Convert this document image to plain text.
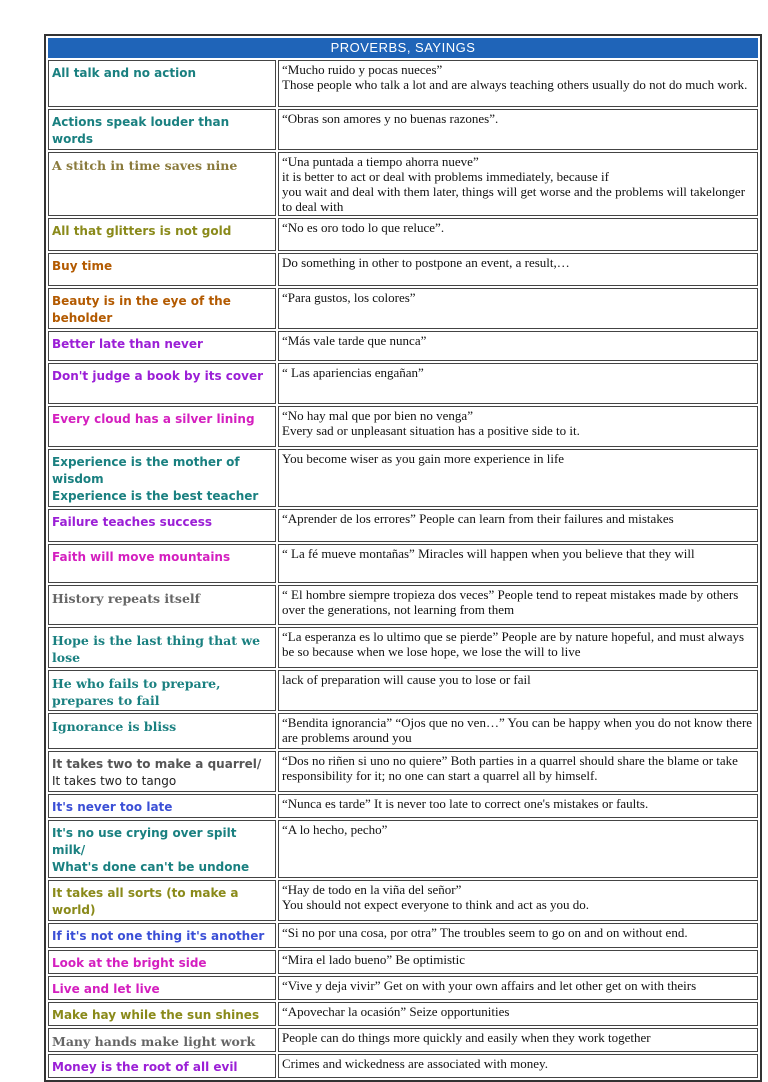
PROVERBS, SAYINGS
All talk and no action	“Mucho ruido y pocas nueces”
Those people who talk a lot and are always teaching others usually do not do much work.
Actions speak louder than words	“Obras son amores y no buenas razones”.
A stitch in time saves nine	“Una puntada a tiempo ahorra nueve”
it is better to act or deal with problems immediately, because if
you wait and deal with them later, things will get worse and the problems will takelonger to deal with
All that glitters is not gold	“No es oro todo lo que reluce”.
Buy time	Do something in other to postpone an event, a result,…
Beauty is in the eye of the beholder	“Para gustos, los colores”
Better late than never	“Más vale tarde que nunca”
Don't judge a book by its cover	“ Las apariencias engañan”
Every cloud has a silver lining	“No hay mal que por bien no venga”
Every sad or unpleasant situation has a positive side to it.
Experience is the mother of wisdom
Experience is the best teacher	You become wiser as you gain more experience in life
Failure teaches success	“Aprender de los errores” People can learn from their failures and mistakes
Faith will move mountains	“ La fé mueve montañas” Miracles will happen when you believe that they will
History repeats itself	“ El hombre siempre tropieza dos veces” People tend to repeat mistakes made by others over the generations, not learning from them
Hope is the last thing that we lose	“La esperanza es lo ultimo que se pierde” People are by nature hopeful, and must always be so because when we lose hope, we lose the will to live
He who fails to prepare, prepares to fail	lack of preparation will cause you to lose or fail
Ignorance is bliss	“Bendita ignorancia” “Ojos que no ven…” You can be happy when you do not know there are problems around you
It takes two to make a quarrel/
It takes two to tango	“Dos no riñen si uno no quiere” Both parties in a quarrel should share the blame or take responsibility for it; no one can start a quarrel all by himself.
It's never too late	“Nunca es tarde” It is never too late to correct one's mistakes or faults.
It's no use crying over spilt milk/
What's done can't be undone	“A lo hecho, pecho”
It takes all sorts (to make a world)	“Hay de todo en la viña del señor”
You should not expect everyone to think and act as you do.
If it's not one thing it's another	“Si no por una cosa, por otra” The troubles seem to go on and on without end.
Look at the bright side	“Mira el lado bueno” Be optimistic
Live and let live	“Vive y deja vivir” Get on with your own affairs and let other get on with theirs
Make hay while the sun shines	“Apovechar la ocasión” Seize opportunities
Many hands make light work	People can do things more quickly and easily when they work together
Money is the root of all evil	Crimes and wickedness are associated with money.
